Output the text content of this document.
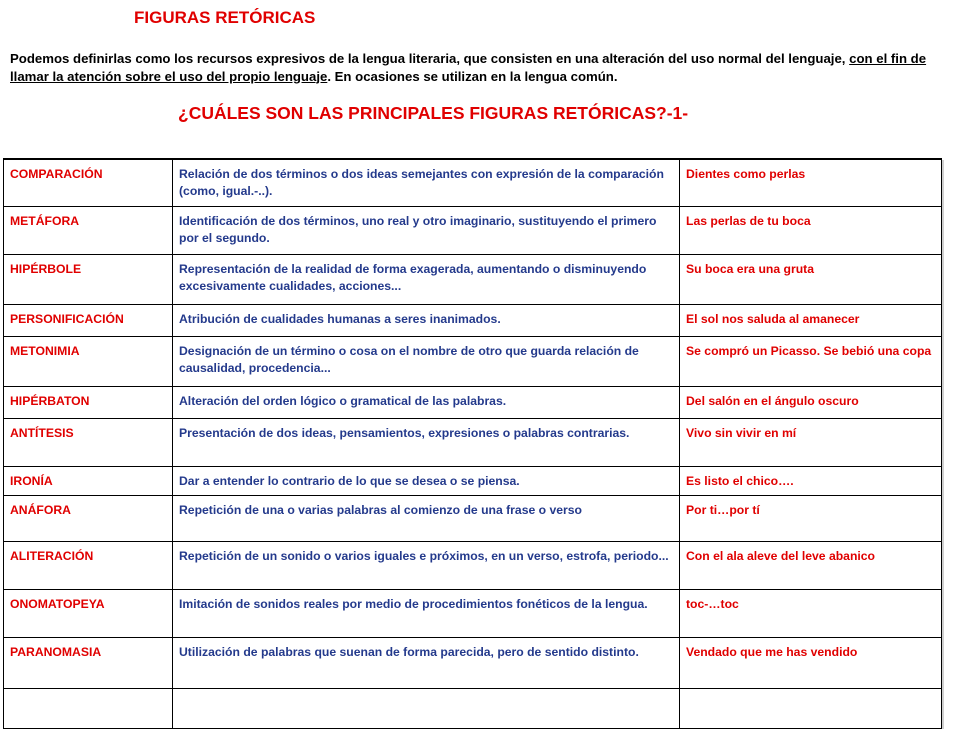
FIGURAS RETÓRICAS
Podemos definirlas como los recursos expresivos de la lengua literaria, que consisten en una alteración del uso normal del lenguaje, con el fin de llamar la atención sobre el uso del propio lenguaje. En ocasiones se utilizan en la lengua común.
¿CUÁLES SON LAS PRINCIPALES FIGURAS RETÓRICAS?-1-
COMPARACIÓN	Relación de dos términos o dos ideas semejantes con expresión de la comparación (como, igual.-..).	Dientes como perlas
METÁFORA	Identificación de dos términos, uno real y otro imaginario, sustituyendo el primero por el segundo.	Las perlas de tu boca
HIPÉRBOLE	Representación de la realidad de forma exagerada, aumentando o disminuyendo excesivamente cualidades, acciones...	Su boca era una gruta
PERSONIFICACIÓN	Atribución de cualidades humanas a seres inanimados.	El sol nos saluda al amanecer
METONIMIA	Designación de un término o cosa on el nombre de otro que guarda relación de causalidad, procedencia...	Se compró un Picasso. Se bebió una copa
HIPÉRBATON	Alteración del orden lógico o gramatical de las palabras.	Del salón en el ángulo oscuro
ANTÍTESIS	Presentación de dos ideas, pensamientos, expresiones o palabras contrarias.	Vivo sin vivir en mí
IRONÍA	Dar a entender lo contrario de lo que se desea o se piensa.	Es listo el chico….
ANÁFORA	Repetición de una o varias palabras al comienzo de una frase o verso	Por ti…por tí
ALITERACIÓN	Repetición de un sonido o varios iguales e próximos, en un verso, estrofa, periodo...	Con el ala aleve del leve abanico
ONOMATOPEYA	Imitación de sonidos reales por medio de procedimientos fonéticos de la lengua.	toc-…toc
PARANOMASIA	Utilización de palabras que suenan de forma parecida, pero de sentido distinto.	Vendado que me has vendido
